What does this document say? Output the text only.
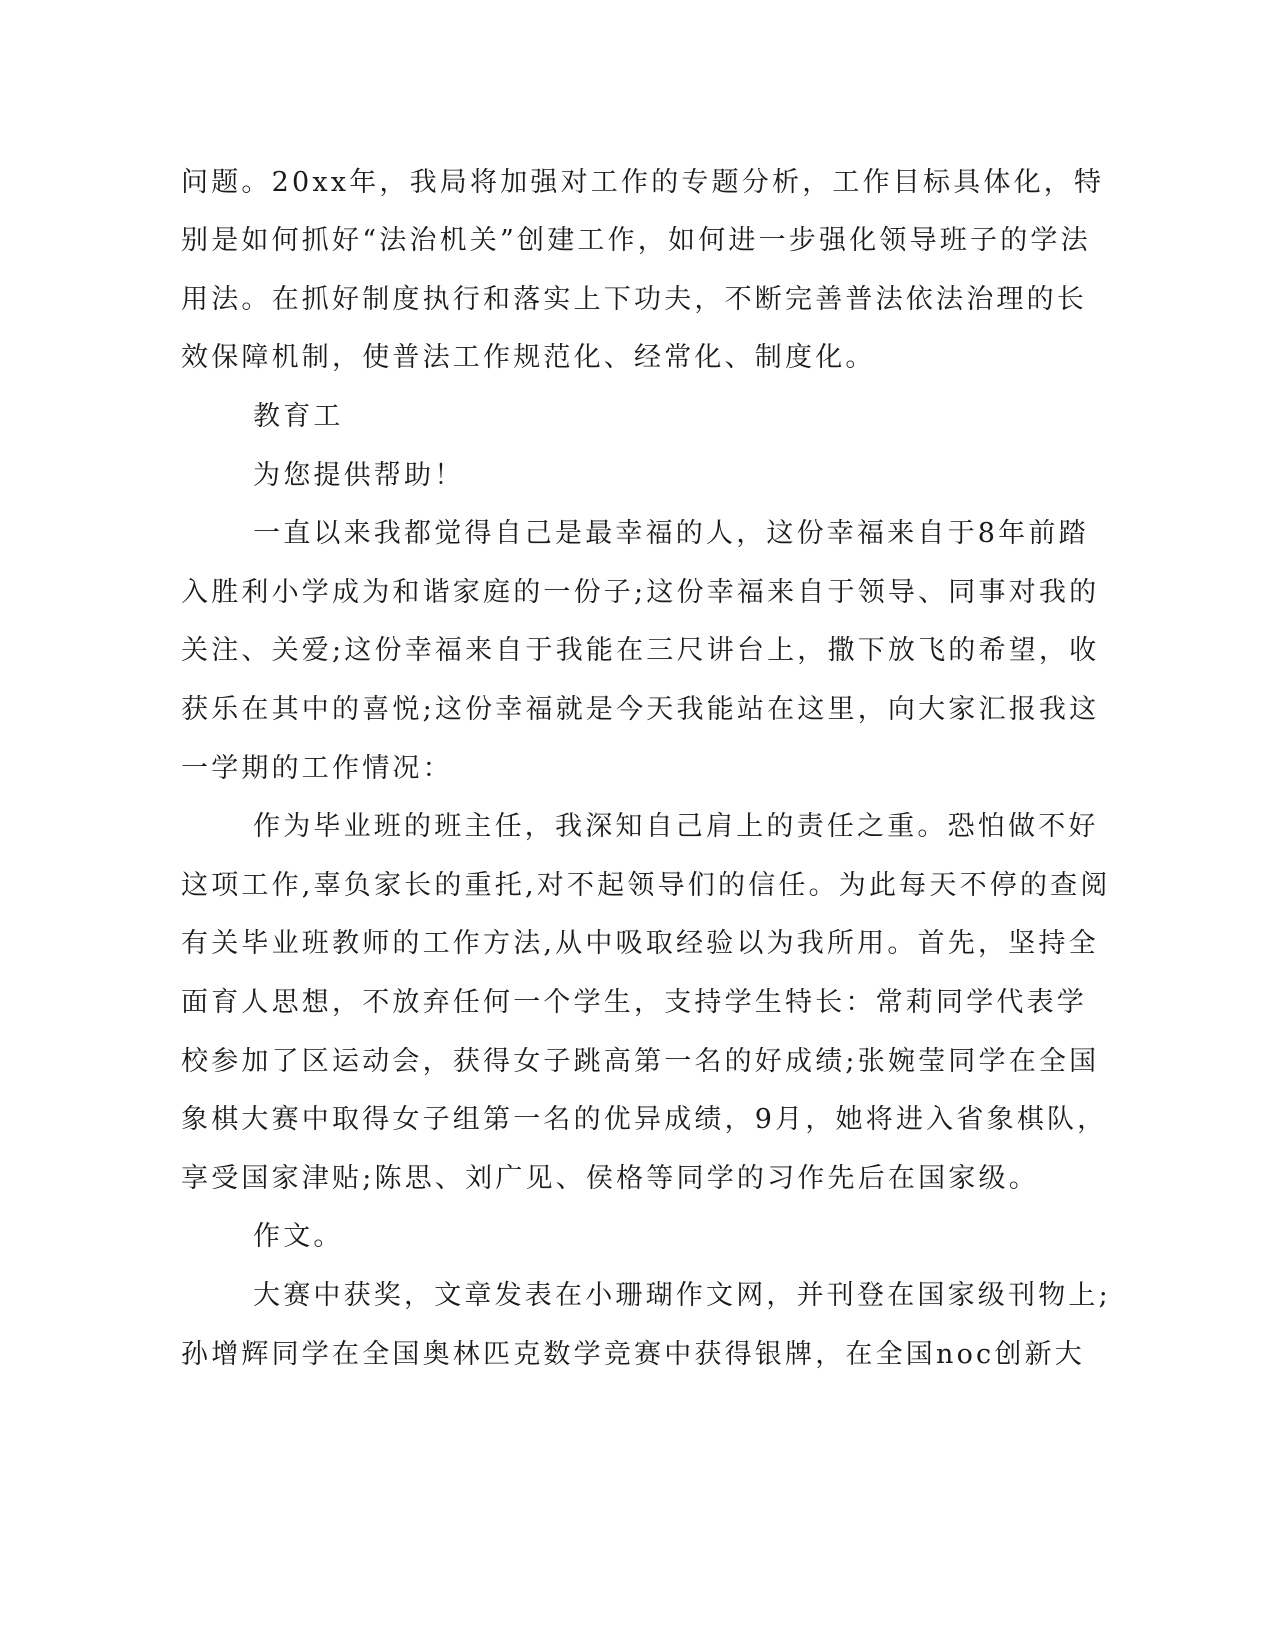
问题。20xx年，我局将加强对工作的专题分析，工作目标具体化，特
别是如何抓好“法治机关”创建工作，如何进一步强化领导班子的学法
用法。在抓好制度执行和落实上下功夫，不断完善普法依法治理的长
效保障机制，使普法工作规范化、经常化、制度化。
教育工
为您提供帮助！
一直以来我都觉得自己是最幸福的人，这份幸福来自于8年前踏
入胜利小学成为和谐家庭的一份子;这份幸福来自于领导、同事对我的
关注、关爱;这份幸福来自于我能在三尺讲台上，撒下放飞的希望，收
获乐在其中的喜悦;这份幸福就是今天我能站在这里，向大家汇报我这
一学期的工作情况：
作为毕业班的班主任，我深知自己肩上的责任之重。恐怕做不好
这项工作,辜负家长的重托,对不起领导们的信任。为此每天不停的查阅
有关毕业班教师的工作方法,从中吸取经验以为我所用。首先，坚持全
面育人思想，不放弃任何一个学生，支持学生特长：常莉同学代表学
校参加了区运动会，获得女子跳高第一名的好成绩;张婉莹同学在全国
象棋大赛中取得女子组第一名的优异成绩，9月，她将进入省象棋队，
享受国家津贴;陈思、刘广见、侯格等同学的习作先后在国家级。
作文。
大赛中获奖，文章发表在小珊瑚作文网，并刊登在国家级刊物上;
孙增辉同学在全国奥林匹克数学竞赛中获得银牌，在全国noc创新大
